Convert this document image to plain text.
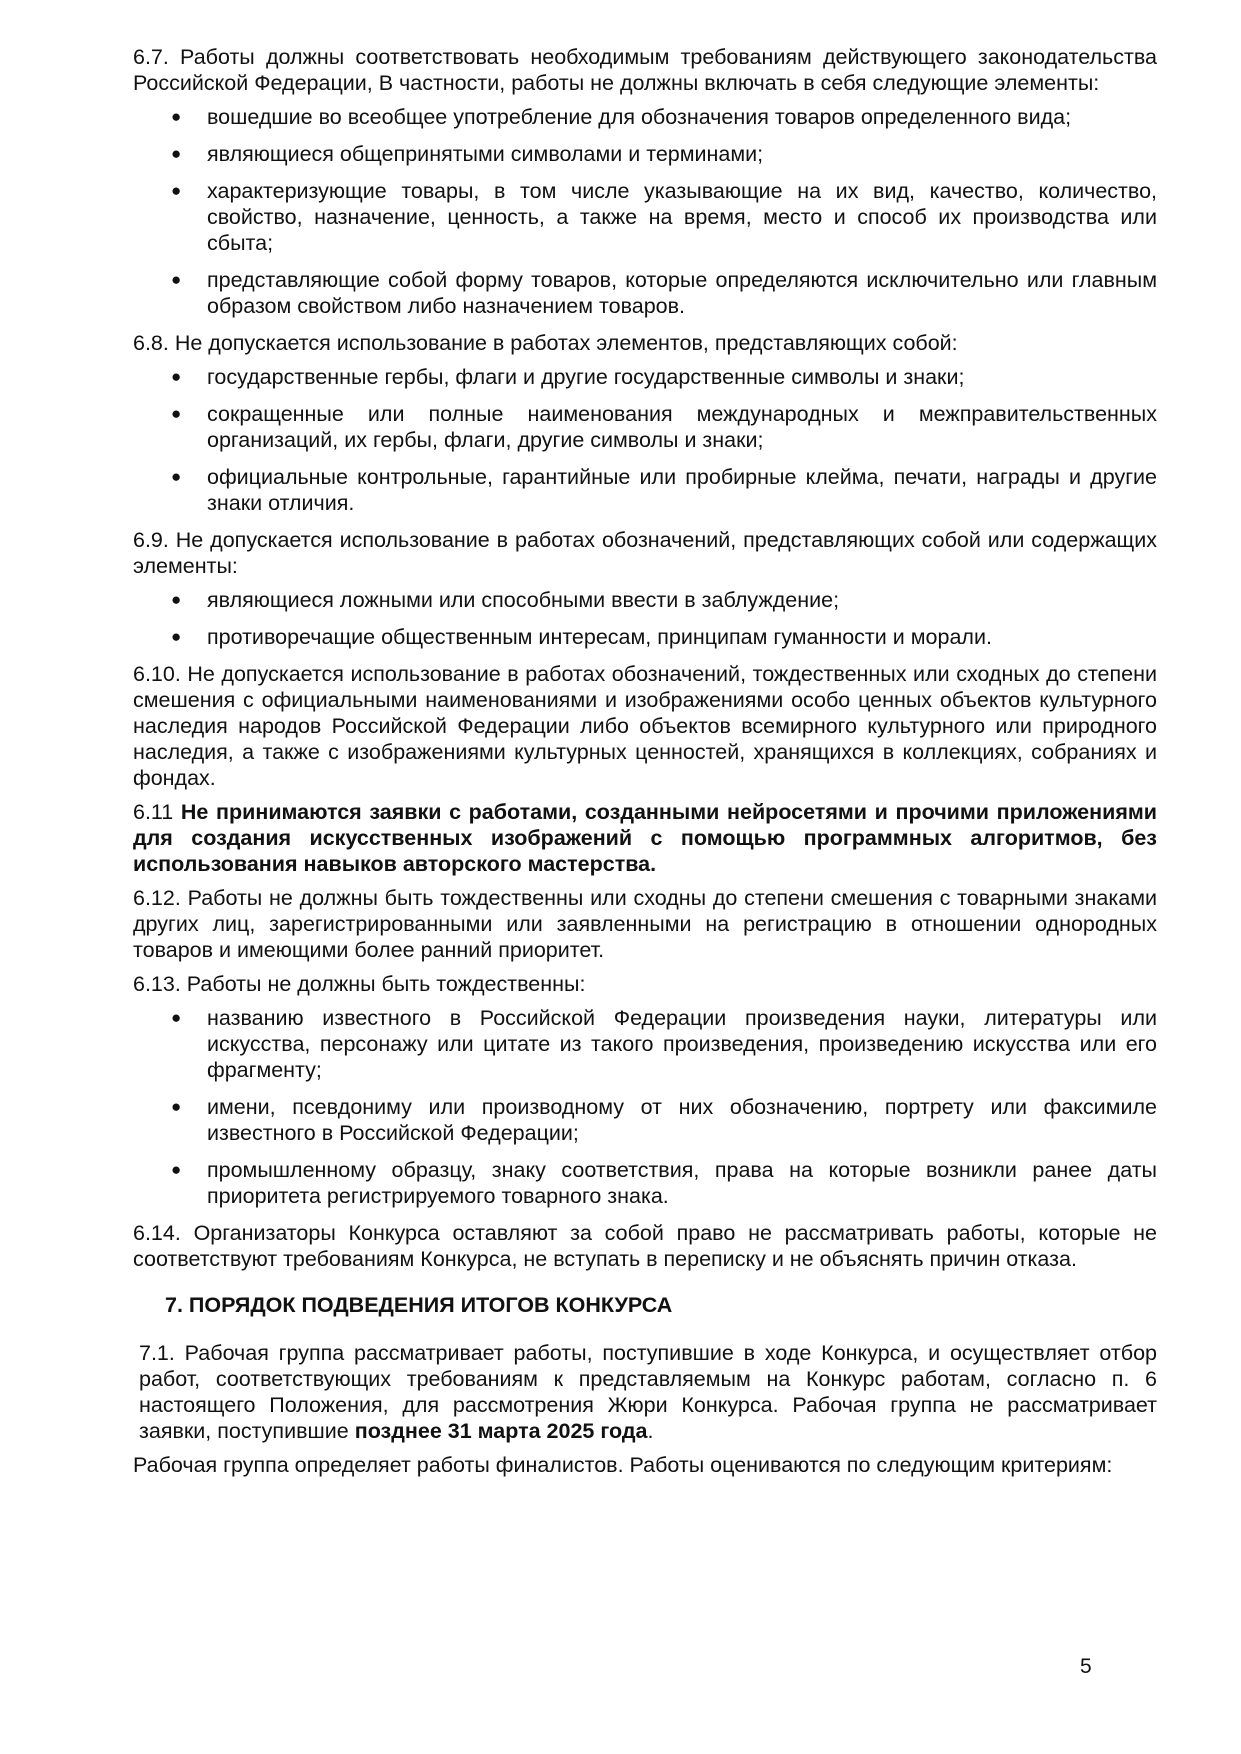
6.7. Работы должны соответствовать необходимым требованиям действующего законодательства Российской Федерации, В частности, работы не должны включать в себя следующие элементы:

● вошедшие во всеобщее употребление для обозначения товаров определенного вида;
● являющиеся общепринятыми символами и терминами;
● характеризующие товары, в том числе указывающие на их вид, качество, количество, свойство, назначение, ценность, а также на время, место и способ их производства или сбыта;
● представляющие собой форму товаров, которые определяются исключительно или главным образом свойством либо назначением товаров.

6.8. Не допускается использование в работах элементов, представляющих собой:

● государственные гербы, флаги и другие государственные символы и знаки;
● сокращенные или полные наименования международных и межправительственных организаций, их гербы, флаги, другие символы и знаки;
● официальные контрольные, гарантийные или пробирные клейма, печати, награды и другие знаки отличия.

6.9. Не допускается использование в работах обозначений, представляющих собой или содержащих элементы:

● являющиеся ложными или способными ввести в заблуждение;
● противоречащие общественным интересам, принципам гуманности и морали.

6.10. Не допускается использование в работах обозначений, тождественных или сходных до степени смешения с официальными наименованиями и изображениями особо ценных объектов культурного наследия народов Российской Федерации либо объектов всемирного культурного или природного наследия, а также с изображениями культурных ценностей, хранящихся в коллекциях, собраниях и фондах.

6.11 Не принимаются заявки с работами, созданными нейросетями и прочими приложениями для создания искусственных изображений с помощью программных алгоритмов, без использования навыков авторского мастерства.

6.12. Работы не должны быть тождественны или сходны до степени смешения с товарными знаками других лиц, зарегистрированными или заявленными на регистрацию в отношении однородных товаров и имеющими более ранний приоритет.

6.13. Работы не должны быть тождественны:

● названию известного в Российской Федерации произведения науки, литературы или искусства, персонажу или цитате из такого произведения, произведению искусства или его фрагменту;
● имени, псевдониму или производному от них обозначению, портрету или факсимиле известного в Российской Федерации;
● промышленному образцу, знаку соответствия, права на которые возникли ранее даты приоритета регистрируемого товарного знака.

6.14. Организаторы Конкурса оставляют за собой право не рассматривать работы, которые не соответствуют требованиям Конкурса, не вступать в переписку и не объяснять причин отказа.

7. ПОРЯДОК ПОДВЕДЕНИЯ ИТОГОВ КОНКУРСА

7.1. Рабочая группа рассматривает работы, поступившие в ходе Конкурса, и осуществляет отбор работ, соответствующих требованиям к представляемым на Конкурс работам, согласно п. 6 настоящего Положения, для рассмотрения Жюри Конкурса. Рабочая группа не рассматривает заявки, поступившие позднее 31 марта 2025 года.

Рабочая группа определяет работы финалистов. Работы оцениваются по следующим критериям:

5
